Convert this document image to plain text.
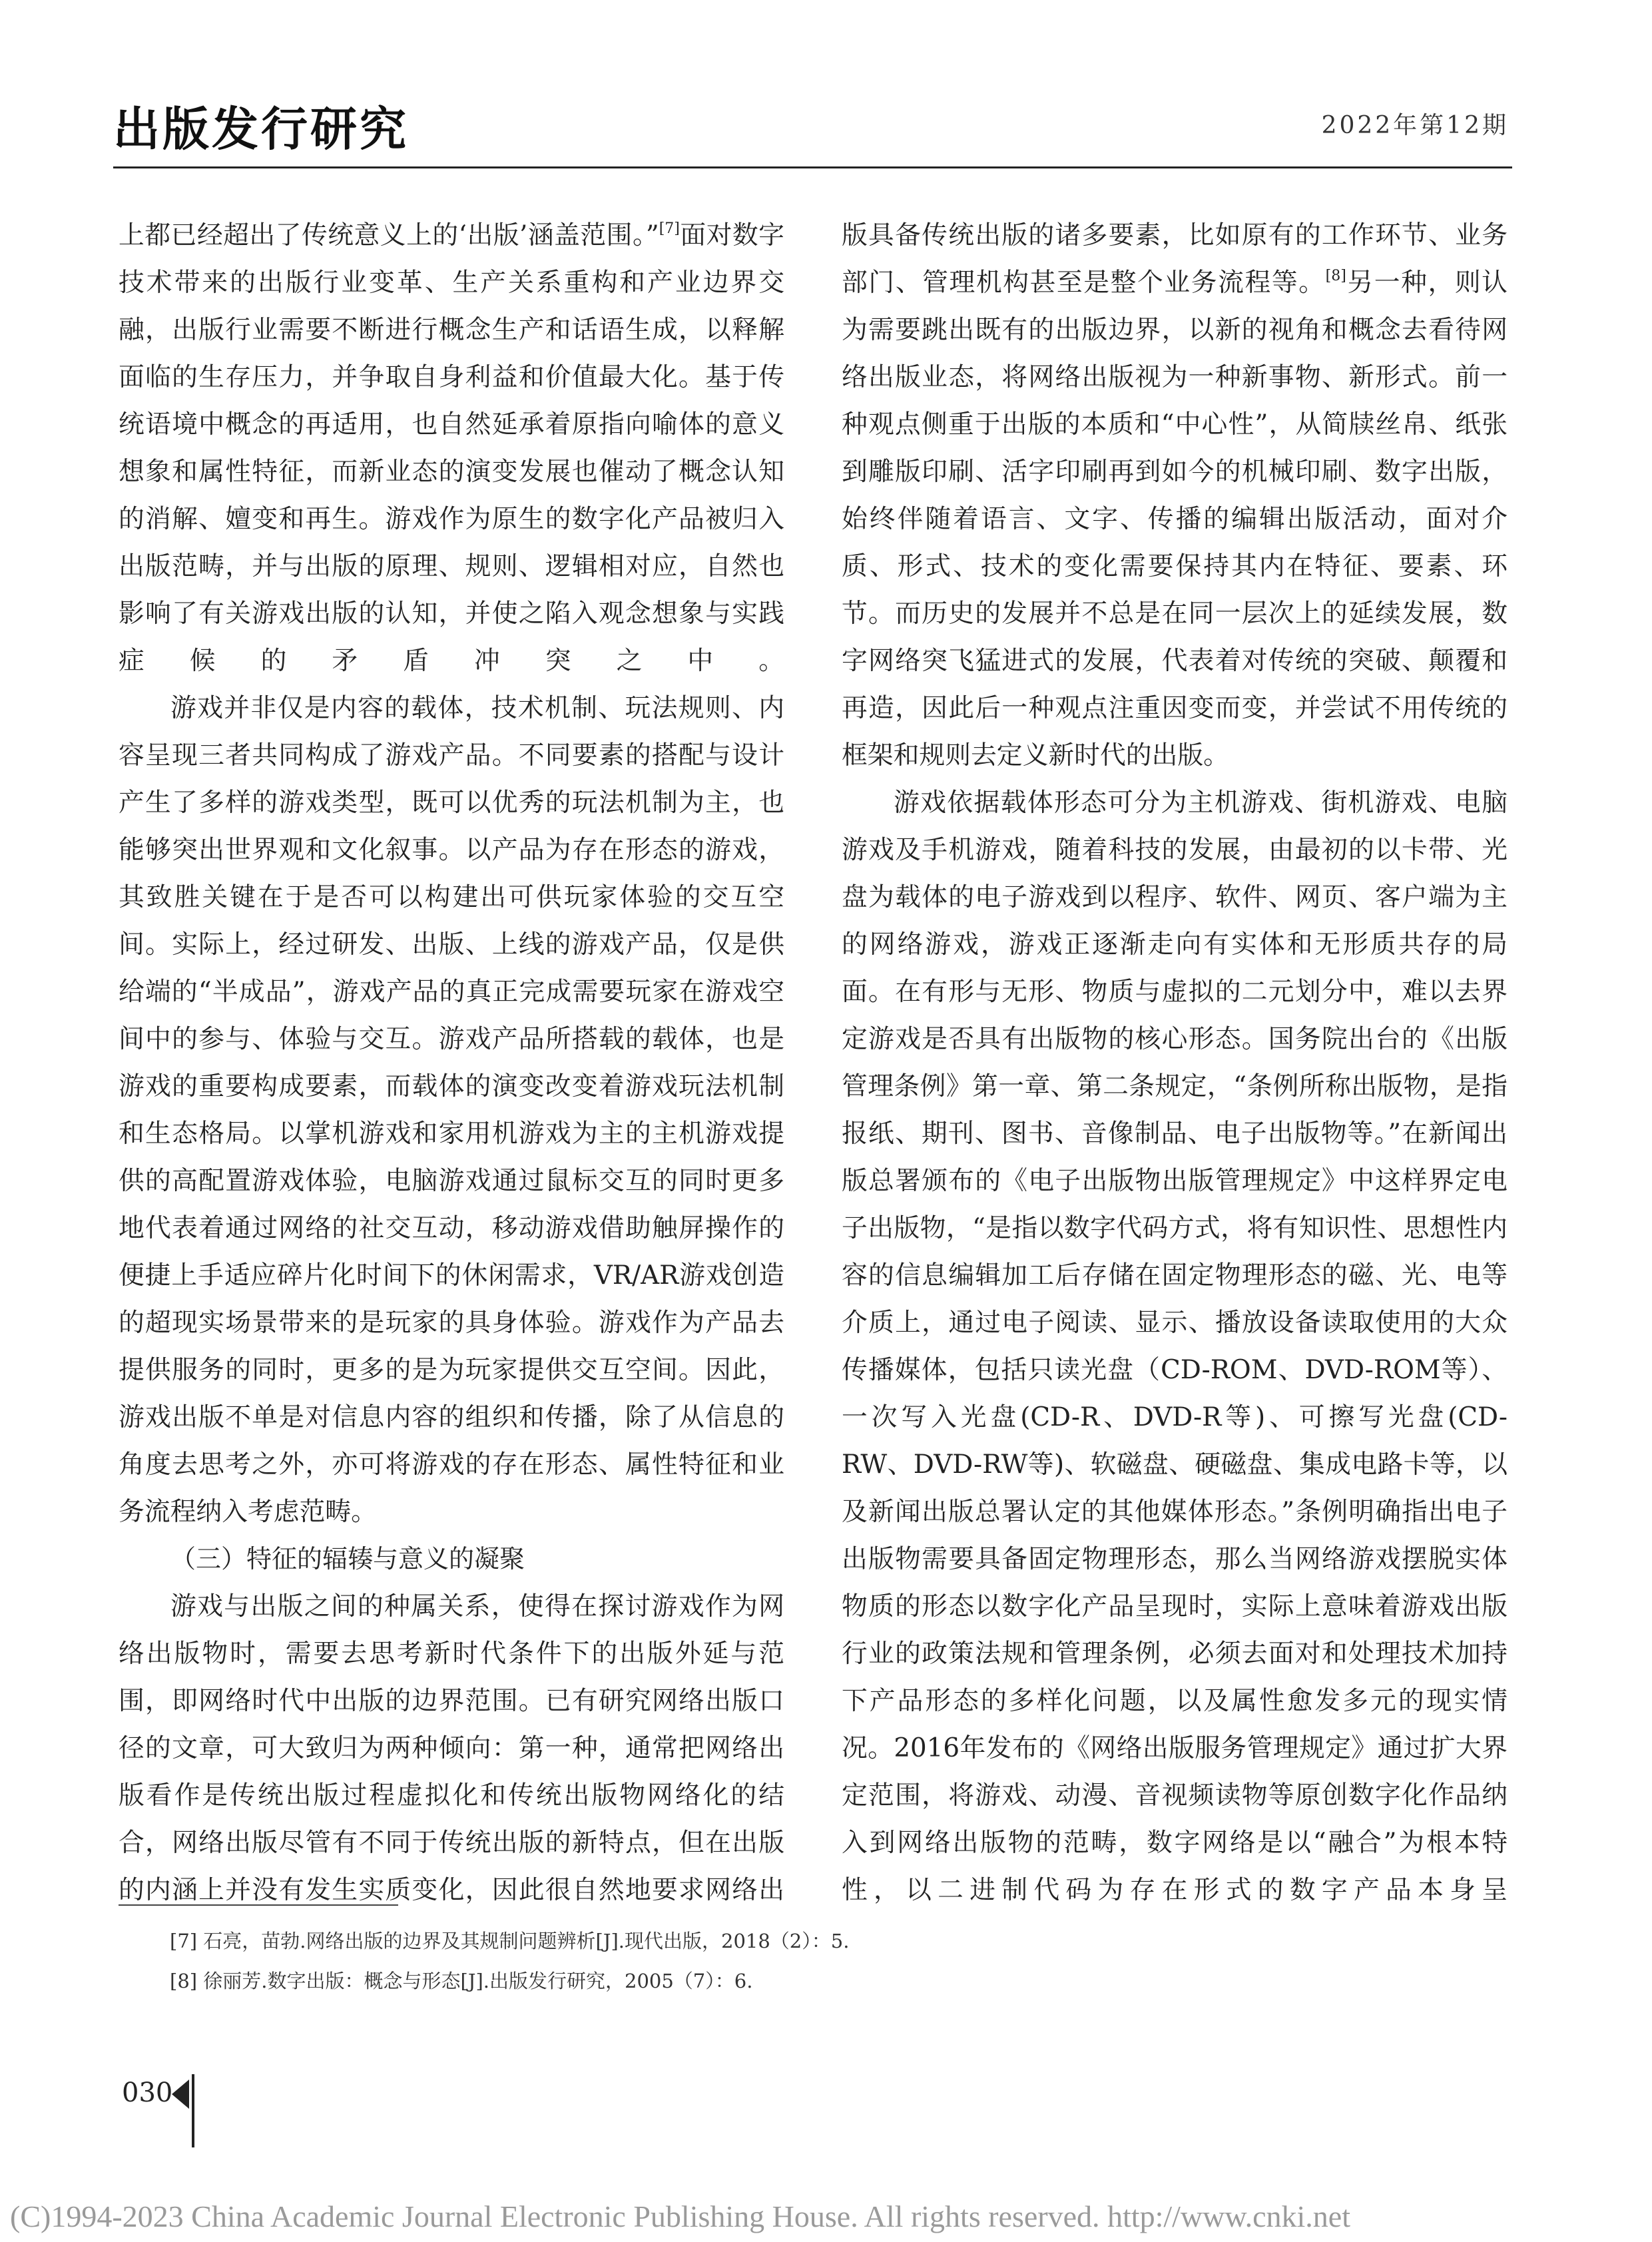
出版发行研究	2022年第12期

上都已经超出了传统意义上的‘出版’涵盖范围。”[7]面对数字技术带来的出版行业变革、生产关系重构和产业边界交融，出版行业需要不断进行概念生产和话语生成，以释解面临的生存压力，并争取自身利益和价值最大化。基于传统语境中概念的再适用，也自然延承着原指向喻体的意义想象和属性特征，而新业态的演变发展也催动了概念认知的消解、嬗变和再生。游戏作为原生的数字化产品被归入出版范畴，并与出版的原理、规则、逻辑相对应，自然也影响了有关游戏出版的认知，并使之陷入观念想象与实践症候的矛盾冲突之中。

游戏并非仅是内容的载体，技术机制、玩法规则、内容呈现三者共同构成了游戏产品。不同要素的搭配与设计产生了多样的游戏类型，既可以优秀的玩法机制为主，也能够突出世界观和文化叙事。以产品为存在形态的游戏，其致胜关键在于是否可以构建出可供玩家体验的交互空间。实际上，经过研发、出版、上线的游戏产品，仅是供给端的“半成品”，游戏产品的真正完成需要玩家在游戏空间中的参与、体验与交互。游戏产品所搭载的载体，也是游戏的重要构成要素，而载体的演变改变着游戏玩法机制和生态格局。以掌机游戏和家用机游戏为主的主机游戏提供的高配置游戏体验，电脑游戏通过鼠标交互的同时更多地代表着通过网络的社交互动，移动游戏借助触屏操作的便捷上手适应碎片化时间下的休闲需求，VR/AR游戏创造的超现实场景带来的是玩家的具身体验。游戏作为产品去提供服务的同时，更多的是为玩家提供交互空间。因此，游戏出版不单是对信息内容的组织和传播，除了从信息的角度去思考之外，亦可将游戏的存在形态、属性特征和业务流程纳入考虑范畴。

（三）特征的辐辏与意义的凝聚

游戏与出版之间的种属关系，使得在探讨游戏作为网络出版物时，需要去思考新时代条件下的出版外延与范围，即网络时代中出版的边界范围。已有研究网络出版口径的文章，可大致归为两种倾向：第一种，通常把网络出版看作是传统出版过程虚拟化和传统出版物网络化的结合，网络出版尽管有不同于传统出版的新特点，但在出版的内涵上并没有发生实质变化，因此很自然地要求网络出

版具备传统出版的诸多要素，比如原有的工作环节、业务部门、管理机构甚至是整个业务流程等。[8]另一种，则认为需要跳出既有的出版边界，以新的视角和概念去看待网络出版业态，将网络出版视为一种新事物、新形式。前一种观点侧重于出版的本质和“中心性”，从简牍丝帛、纸张到雕版印刷、活字印刷再到如今的机械印刷、数字出版，始终伴随着语言、文字、传播的编辑出版活动，面对介质、形式、技术的变化需要保持其内在特征、要素、环节。而历史的发展并不总是在同一层次上的延续发展，数字网络突飞猛进式的发展，代表着对传统的突破、颠覆和再造，因此后一种观点注重因变而变，并尝试不用传统的框架和规则去定义新时代的出版。

游戏依据载体形态可分为主机游戏、街机游戏、电脑游戏及手机游戏，随着科技的发展，由最初的以卡带、光盘为载体的电子游戏到以程序、软件、网页、客户端为主的网络游戏，游戏正逐渐走向有实体和无形质共存的局面。在有形与无形、物质与虚拟的二元划分中，难以去界定游戏是否具有出版物的核心形态。国务院出台的《出版管理条例》第一章、第二条规定，“条例所称出版物，是指报纸、期刊、图书、音像制品、电子出版物等。”在新闻出版总署颁布的《电子出版物出版管理规定》中这样界定电子出版物，“是指以数字代码方式，将有知识性、思想性内容的信息编辑加工后存储在固定物理形态的磁、光、电等介质上，通过电子阅读、显示、播放设备读取使用的大众传播媒体，包括只读光盘（CD-ROM、DVD-ROM等）、一次写入光盘(CD-R、DVD-R等)、可擦写光盘(CD-RW、DVD-RW等)、软磁盘、硬磁盘、集成电路卡等，以及新闻出版总署认定的其他媒体形态。”条例明确指出电子出版物需要具备固定物理形态，那么当网络游戏摆脱实体物质的形态以数字化产品呈现时，实际上意味着游戏出版行业的政策法规和管理条例，必须去面对和处理技术加持下产品形态的多样化问题，以及属性愈发多元的现实情况。2016年发布的《网络出版服务管理规定》通过扩大界定范围，将游戏、动漫、音视频读物等原创数字化作品纳入到网络出版物的范畴，数字网络是以“融合”为根本特性，以二进制代码为存在形式的数字产品本身呈

[7] 石亮，苗勃.网络出版的边界及其规制问题辨析[J].现代出版，2018（2）：5.
[8] 徐丽芳.数字出版：概念与形态[J].出版发行研究，2005（7）：6.
030
(C)1994-2023 China Academic Journal Electronic Publishing House. All rights reserved. http://www.cnki.net
